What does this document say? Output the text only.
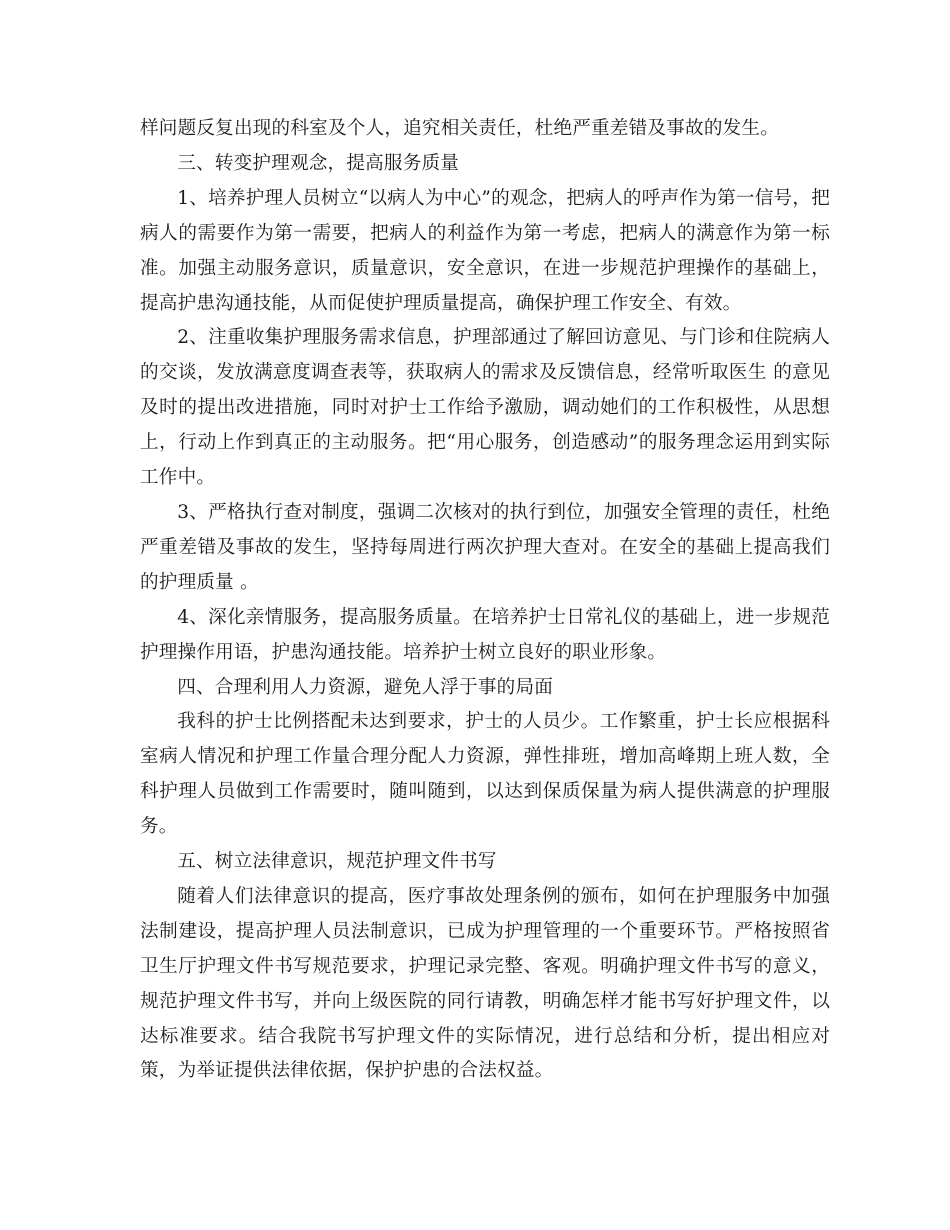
样问题反复出现的科室及个人，追究相关责任，杜绝严重差错及事故的发生。

三、转变护理观念，提高服务质量

1、培养护理人员树立“以病人为中心”的观念，把病人的呼声作为第一信号，把病人的需要作为第一需要，把病人的利益作为第一考虑，把病人的满意作为第一标准。加强主动服务意识，质量意识，安全意识，在进一步规范护理操作的基础上，提高护患沟通技能，从而促使护理质量提高，确保护理工作安全、有效。

2、注重收集护理服务需求信息，护理部通过了解回访意见、与门诊和住院病人的交谈，发放满意度调查表等，获取病人的需求及反馈信息，经常听取医生 的意见及时的提出改进措施，同时对护士工作给予激励，调动她们的工作积极性，从思想上，行动上作到真正的主动服务。把“用心服务，创造感动”的服务理念运用到实际工作中。

3、严格执行查对制度，强调二次核对的执行到位，加强安全管理的责任，杜绝严重差错及事故的发生，坚持每周进行两次护理大查对。在安全的基础上提高我们的护理质量 。

4、深化亲情服务，提高服务质量。在培养护士日常礼仪的基础上，进一步规范护理操作用语，护患沟通技能。培养护士树立良好的职业形象。

四、合理利用人力资源，避免人浮于事的局面

我科的护士比例搭配未达到要求，护士的人员少。工作繁重，护士长应根据科室病人情况和护理工作量合理分配人力资源，弹性排班，增加高峰期上班人数，全科护理人员做到工作需要时，随叫随到，以达到保质保量为病人提供满意的护理服务。

五、树立法律意识，规范护理文件书写

随着人们法律意识的提高，医疗事故处理条例的颁布，如何在护理服务中加强法制建设，提高护理人员法制意识，已成为护理管理的一个重要环节。严格按照省卫生厅护理文件书写规范要求，护理记录完整、客观。明确护理文件书写的意义，规范护理文件书写，并向上级医院的同行请教，明确怎样才能书写好护理文件，以达标准要求。结合我院书写护理文件的实际情况，进行总结和分析，提出相应对策，为举证提供法律依据，保护护患的合法权益。
